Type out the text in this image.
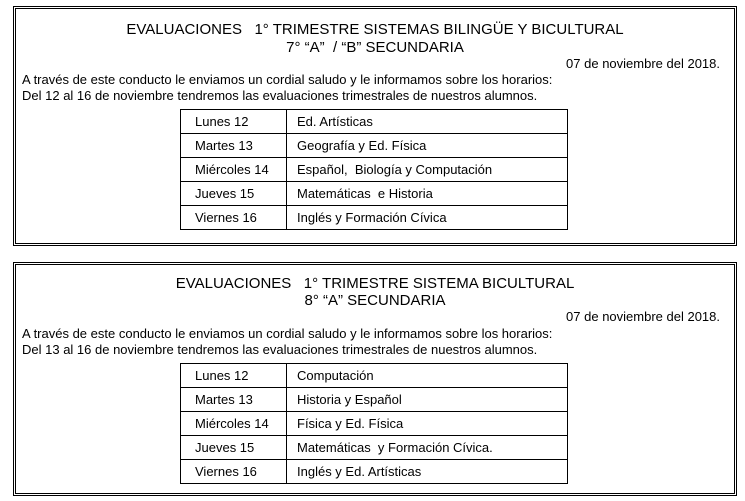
EVALUACIONES   1° TRIMESTRE SISTEMAS BILINGÜE Y BICULTURAL
7° “A”  / “B” SECUNDARIA
07 de noviembre del 2018.
A través de este conducto le enviamos un cordial saludo y le informamos sobre los horarios:
Del 12 al 16 de noviembre tendremos las evaluaciones trimestrales de nuestros alumnos.
Lunes 12	Ed. Artísticas
Martes 13	Geografía y Ed. Física
Miércoles 14	Español,  Biología y Computación
Jueves 15	Matemáticas  e Historia
Viernes 16	Inglés y Formación Cívica
EVALUACIONES   1° TRIMESTRE SISTEMA BICULTURAL
8° “A” SECUNDARIA
07 de noviembre del 2018.
A través de este conducto le enviamos un cordial saludo y le informamos sobre los horarios:
Del 13 al 16 de noviembre tendremos las evaluaciones trimestrales de nuestros alumnos.
Lunes 12	Computación
Martes 13	Historia y Español
Miércoles 14	Física y Ed. Física
Jueves 15	Matemáticas  y Formación Cívica.
Viernes 16	Inglés y Ed. Artísticas
